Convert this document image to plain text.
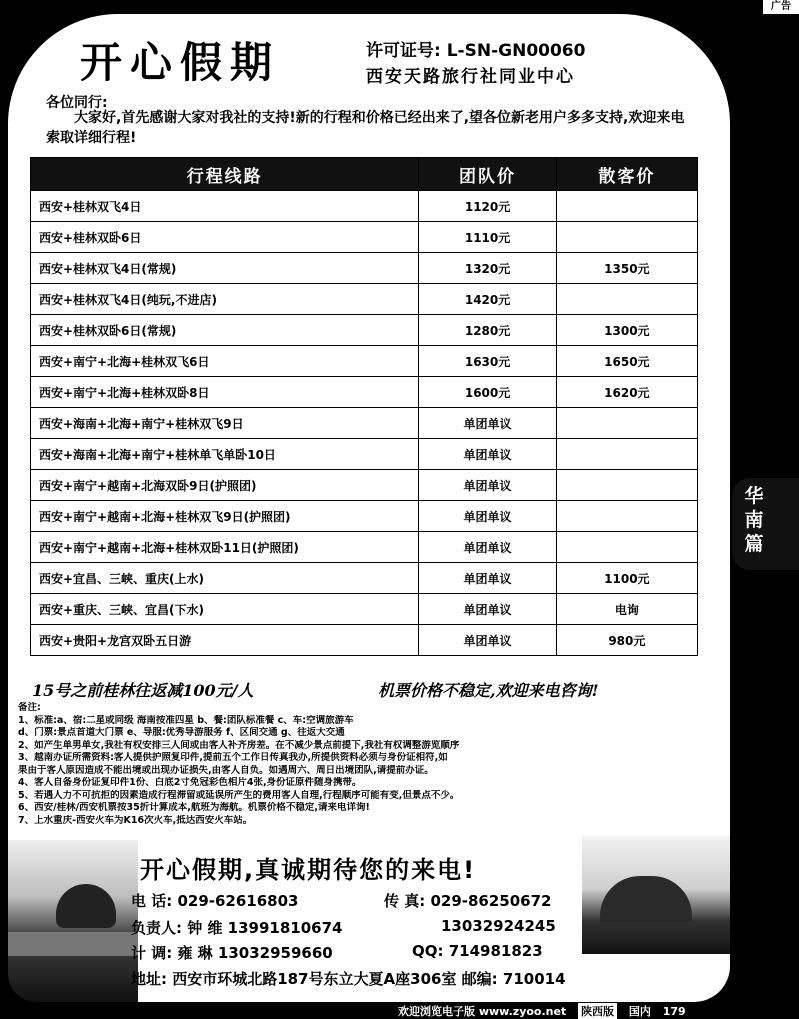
广告
开心假期	许可证号: L-SN-GN00060
西安天路旅行社同业中心
各位同行:
大家好,首先感谢大家对我社的支持!新的行程和价格已经出来了,望各位新老用户多多支持,欢迎来电索取详细行程!
行程线路	团队价	散客价
西安+桂林双飞4日	1120元	
西安+桂林双卧6日	1110元	
西安+桂林双飞4日(常规)	1320元	1350元
西安+桂林双飞4日(纯玩,不进店)	1420元	
西安+桂林双卧6日(常规)	1280元	1300元
西安+南宁+北海+桂林双飞6日	1630元	1650元
西安+南宁+北海+桂林双卧8日	1600元	1620元
西安+海南+北海+南宁+桂林双飞9日	单团单议	
西安+海南+北海+南宁+桂林单飞单卧10日	单团单议	
西安+南宁+越南+北海双卧9日(护照团)	单团单议	
西安+南宁+越南+北海+桂林双飞9日(护照团)	单团单议	
西安+南宁+越南+北海+桂林双卧11日(护照团)	单团单议	
西安+宜昌、三峡、重庆(上水)	单团单议	1100元
西安+重庆、三峡、宜昌(下水)	单团单议	电询
西安+贵阳+龙宫双卧五日游	单团单议	980元
15号之前桂林往返减100元/人	机票价格不稳定,欢迎来电咨询!
备注:
1、标准:a、宿:二星或同级 海南按准四星 b、餐:团队标准餐 c、车:空调旅游车
d、门票:景点首道大门票 e、导服:优秀导游服务 f、区间交通 g、往返大交通
2、如产生单男单女,我社有权安排三人间或由客人补齐房差。在不减少景点前提下,我社有权调整游览顺序
3、越南办证所需资料:客人提供护照复印件,提前五个工作日传真我办,所提供资料必须与身份证相符,如
果由于客人原因造成不能出境或出现办证损失,由客人自负。如遇周六、周日出境团队,请提前办证。
4、客人自备身份证复印件1份、白底2寸免冠彩色相片4张,身份证原件随身携带。
5、若遇人力不可抗拒的因素造成行程滞留或延误所产生的费用客人自理,行程顺序可能有变,但景点不少。
6、西安/桂林/西安机票按35折计算成本,航班为海航。机票价格不稳定,请来电详询!
7、上水重庆-西安火车为K16次火车,抵达西安火车站。
开心假期,真诚期待您的来电!
电 话: 029-62616803	传 真: 029-86250672
负责人: 钟 维 13991810674	13032924245
计 调: 雍 琳 13032959660	QQ: 714981823
地址: 西安市环城北路187号东立大夏A座306室 邮编: 710014
华南篇
欢迎浏览电子版 www.zyoo.net 陕西版 国内 179
